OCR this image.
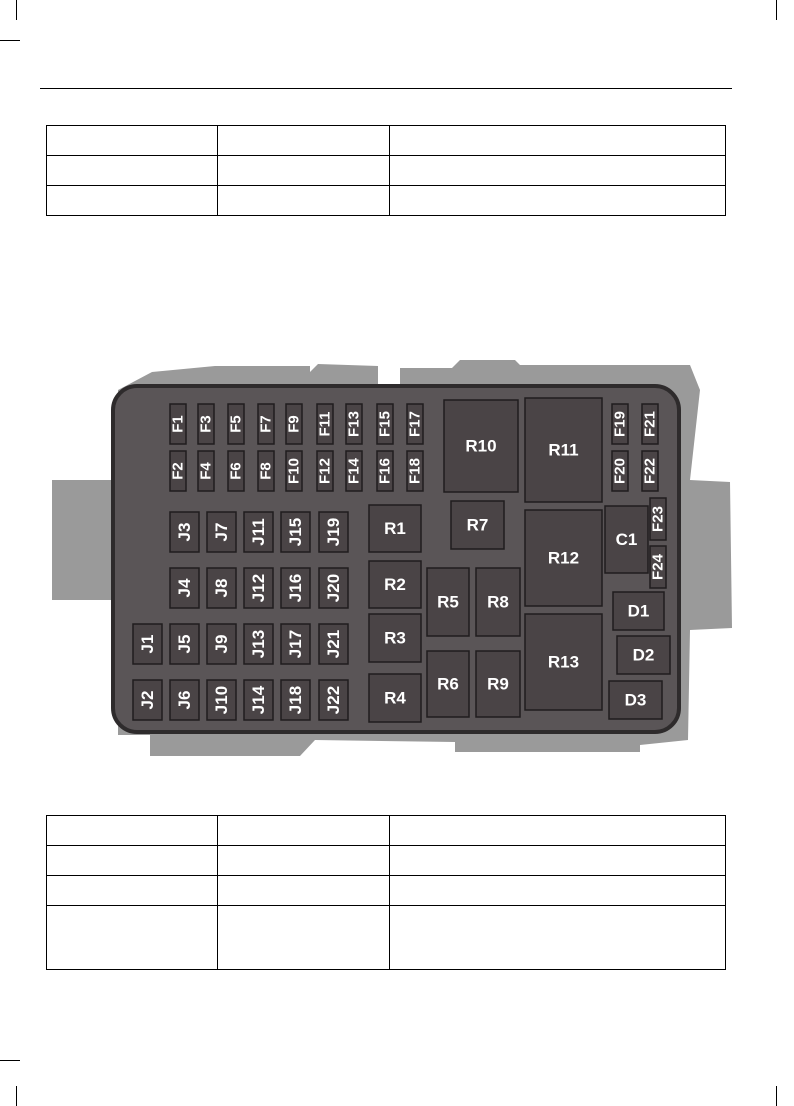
F1 F3 F5 F7 F9 F11 F13 F15 F17
F2 F4 F6 F8 F10 F12 F14 F16 F18
F19 F21
F20 F22
F23
F24
J1
J2
J3
J4
J5
J6
J7
J8
J9
J10
J11
J12
J13
J14
J15
J16
J17
J18
J19
J20
J21
J22
R1
R2
R3
R4
R5
R6
R7
R8
R9
R10	R11
R12
R13
C1
D1
D2
D3
